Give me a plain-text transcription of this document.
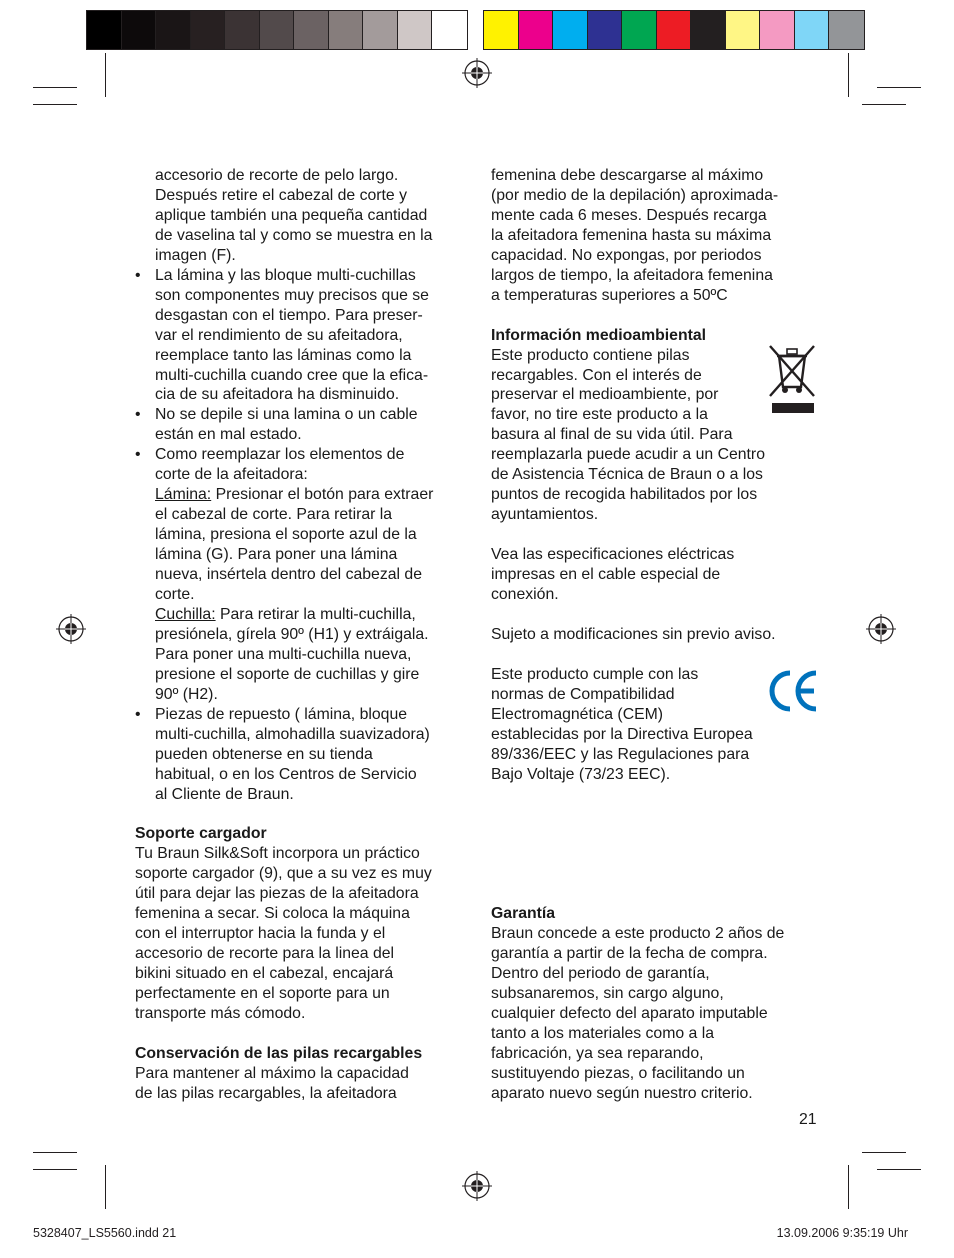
accesorio de recorte de pelo largo.

Después retire el cabezal de corte y

aplique también una pequeña cantidad

de vaselina tal y como se muestra en la

imagen (F).

• La lámina y las bloque multi-cuchillas

son componentes muy precisos que se

desgastan con el tiempo. Para preser-

var el rendimiento de su afeitadora,

reemplace tanto las láminas como la

multi-cuchilla cuando cree que la efica-

cia de su afeitadora ha disminuido.

• No se depile si una lamina o un cable

están en mal estado.

• Como reemplazar los elementos de

corte de la afeitadora:

Lámina: Presionar el botón para extraer

el cabezal de corte. Para retirar la

lámina, presiona el soporte azul de la

lámina (G). Para poner una lámina

nueva, insértela dentro del cabezal de

corte.

Cuchilla: Para retirar la multi-cuchilla,

presiónela, gírela 90º (H1) y extráigala.

Para poner una multi-cuchilla nueva,

presione el soporte de cuchillas y gire

90º (H2).

• Piezas de repuesto ( lámina, bloque

multi-cuchilla, almohadilla suavizadora)

pueden obtenerse en su tienda

habitual, o en los Centros de Servicio

al Cliente de Braun.

Soporte cargador

Tu Braun Silk&Soft incorpora un práctico

soporte cargador (9), que a su vez es muy

útil para dejar las piezas de la afeitadora

femenina a secar. Si coloca la máquina

con el interruptor hacia la funda y el

accesorio de recorte para la linea del

bikini situado en el cabezal, encajará

perfectamente en el soporte para un

transporte más cómodo.

Conservación de las pilas recargables

Para mantener al máximo la capacidad

de las pilas recargables, la afeitadora

femenina debe descargarse al máximo

(por medio de la depilación) aproximada-

mente cada 6 meses. Después recarga

la afeitadora femenina hasta su máxima

capacidad. No expongas, por periodos

largos de tiempo, la afeitadora femenina

a temperaturas superiores a 50ºC

Información medioambiental

Este producto contiene pilas

recargables. Con el interés de

preservar el medioambiente, por

favor, no tire este producto a la

basura al final de su vida útil. Para

reemplazarla puede acudir a un Centro

de Asistencia Técnica de Braun o a los

puntos de recogida habilitados por los

ayuntamientos.

Vea las especificaciones eléctricas

impresas en el cable especial de

conexión.

Sujeto a modificaciones sin previo aviso.

Este producto cumple con las

normas de Compatibilidad

Electromagnética (CEM)

establecidas por la Directiva Europea

89/336/EEC y las Regulaciones para

Bajo Voltaje (73/23 EEC).

Garantía

Braun concede a este producto 2 años de

garantía a partir de la fecha de compra.

Dentro del periodo de garantía,

subsanaremos, sin cargo alguno,

cualquier defecto del aparato imputable

tanto a los materiales como a la

fabricación, ya sea reparando,

sustituyendo piezas, o facilitando un

aparato nuevo según nuestro criterio.

21
5328407_LS5560.indd 21	13.09.2006 9:35:19 Uhr
